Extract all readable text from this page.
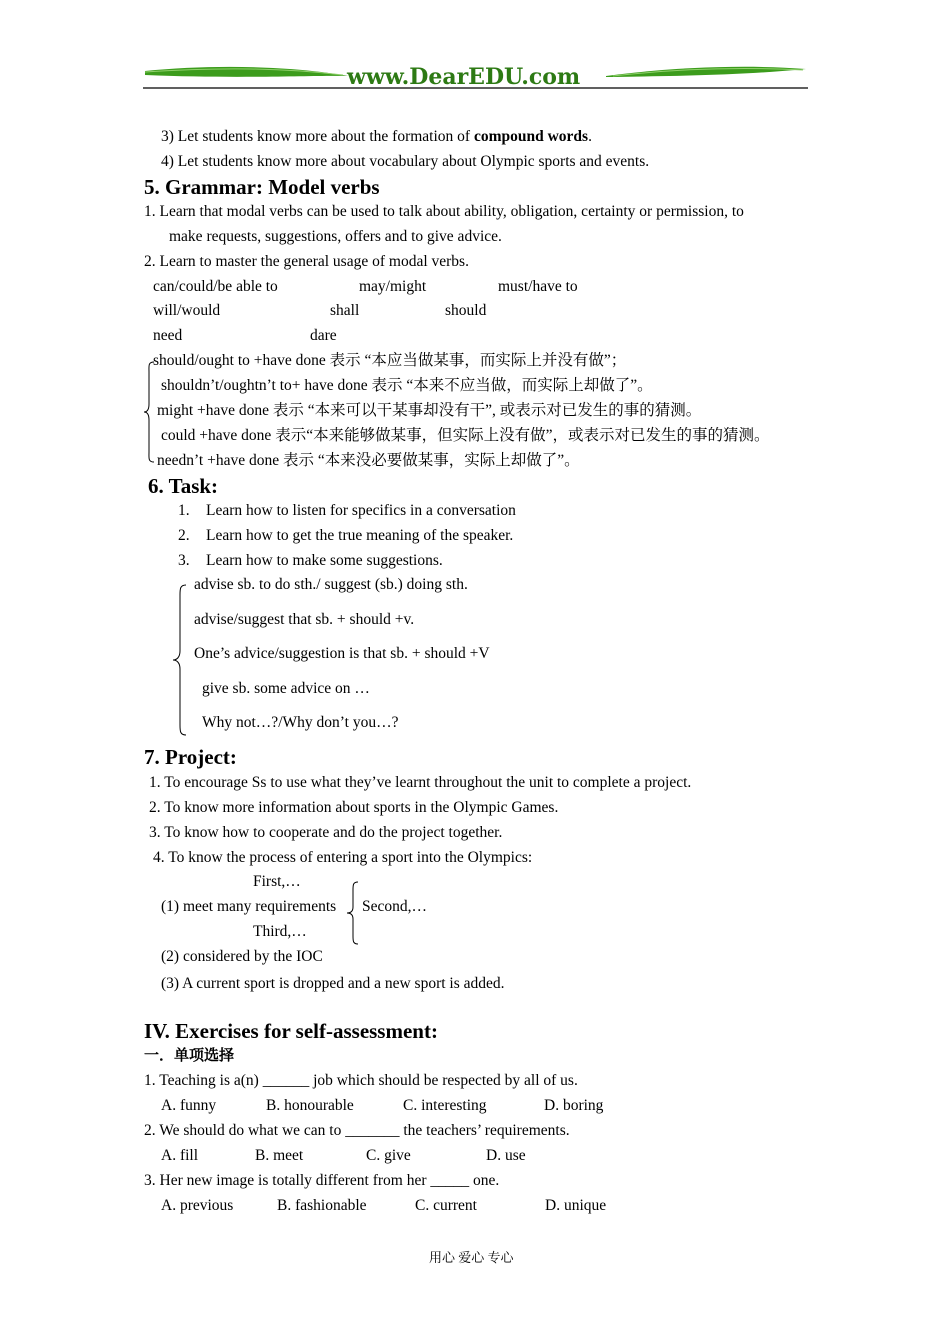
www.DearEDU.com
3) Let students know more about the formation of compound words.
4) Let students know more about vocabulary about Olympic sports and events.
5. Grammar: Model verbs
1. Learn that modal verbs can be used to talk about ability, obligation, certainty or permission, to
make requests, suggestions, offers and to give advice.
2. Learn to master the general usage of modal verbs.
can/could/be able to	may/might	must/have to
will/would	shall	should
need	dare
should/ought to +have done 表示 “本应当做某事，而实际上并没有做”；
shouldn’t/oughtn’t to+ have done 表示 “本来不应当做，而实际上却做了”。
might +have done 表示 “本来可以干某事却没有干”, 或表示对已发生的事的猜测。
could +have done 表示“本来能够做某事，但实际上没有做”，或表示对已发生的事的猜测。
needn’t +have done 表示 “本来没必要做某事，实际上却做了”。
6. Task:
1. Learn how to listen for specifics in a conversation
2. Learn how to get the true meaning of the speaker.
3. Learn how to make some suggestions.
advise sb. to do sth./ suggest (sb.) doing sth.
advise/suggest that sb. + should +v.
One’s advice/suggestion is that sb. + should +V
give sb. some advice on …
Why not…?/Why don’t you…?
7. Project:
1. To encourage Ss to use what they’ve learnt throughout the unit to complete a project.
2. To know more information about sports in the Olympic Games.
3. To know how to cooperate and do the project together.
4. To know the process of entering a sport into the Olympics:
First,…
(1) meet many requirements Second,…
Third,…
(2) considered by the IOC
(3) A current sport is dropped and a new sport is added.
IV. Exercises for self-assessment:
一．单项选择
1. Teaching is a(n) ______ job which should be respected by all of us.
A. funny	B. honourable	C. interesting	D. boring
2. We should do what we can to _______ the teachers’ requirements.
A. fill	B. meet	C. give	D. use
3. Her new image is totally different from her _____ one.
A. previous	B. fashionable	C. current	D. unique
用心 爱心 专心
